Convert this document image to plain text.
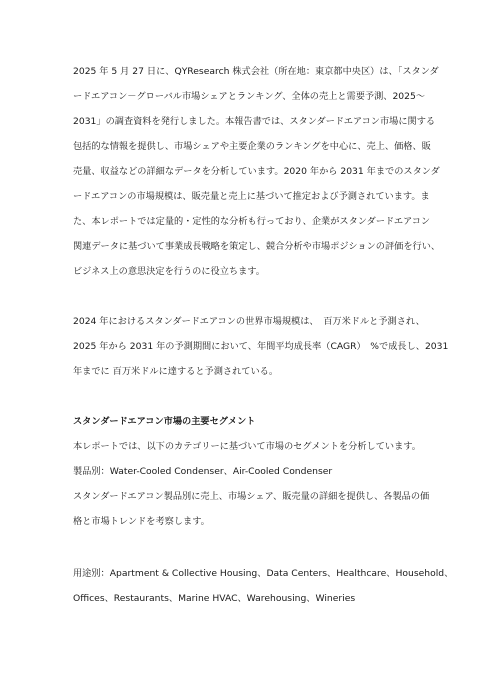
2025 年 5 月 27 日に、QYResearch 株式会社（所在地：東京都中央区）は、「スタンダ
ードエアコン－グローバル市場シェアとランキング、全体の売上と需要予測、2025～
2031」の調査資料を発行しました。本報告書では、スタンダードエアコン市場に関する
包括的な情報を提供し、市場シェアや主要企業のランキングを中心に、売上、価格、販
売量、収益などの詳細なデータを分析しています。2020 年から 2031 年までのスタンダ
ードエアコンの市場規模は、販売量と売上に基づいて推定および予測されています。ま
た、本レポートでは定量的・定性的な分析も行っており、企業がスタンダードエアコン
関連データに基づいて事業成長戦略を策定し、競合分析や市場ポジションの評価を行い、
ビジネス上の意思決定を行うのに役立ちます。
2024 年におけるスタンダードエアコンの世界市場規模は、　百万米ドルと予測され、
2025 年から 2031 年の予測期間において、年間平均成長率（CAGR）　%で成長し、2031
年までに 百万米ドルに達すると予測されている。
スタンダードエアコン市場の主要セグメント
本レポートでは、以下のカテゴリーに基づいて市場のセグメントを分析しています。
製品別：Water-Cooled Condenser、Air-Cooled Condenser
スタンダードエアコン製品別に売上、市場シェア、販売量の詳細を提供し、各製品の価
格と市場トレンドを考察します。
用途別：Apartment & Collective Housing、Data Centers、Healthcare、Household、
Offices、Restaurants、Marine HVAC、Warehousing、Wineries
